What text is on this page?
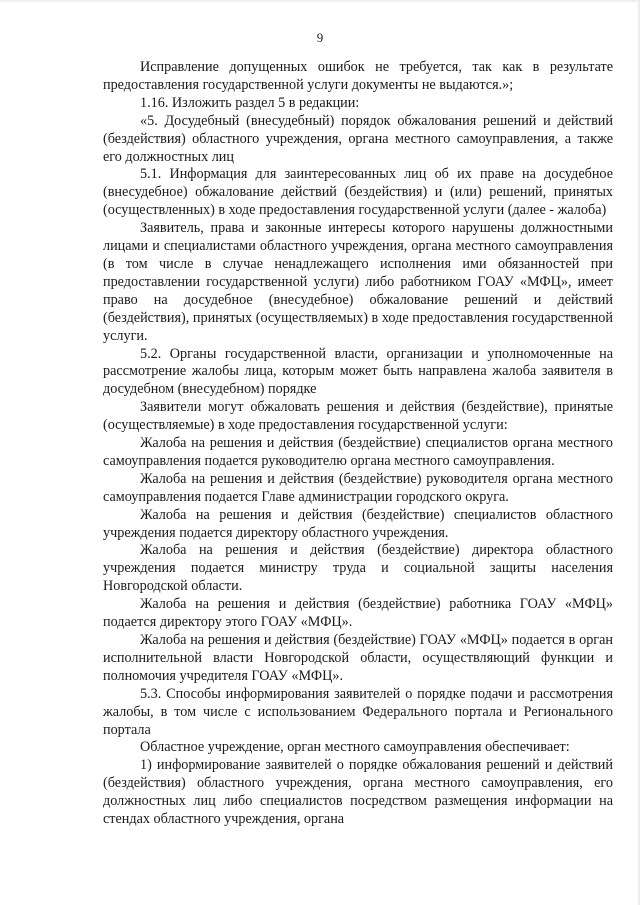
9

Исправление допущенных ошибок не требуется, так как в результате предоставления государственной услуги документы не выдаются.»;

1.16. Изложить раздел 5 в редакции:

«5. Досудебный (внесудебный) порядок обжалования решений и действий (бездействия) областного учреждения, органа местного самоуправления, а также его должностных лиц

5.1. Информация для заинтересованных лиц об их праве на досудебное (внесудебное) обжалование действий (бездействия) и (или) решений, принятых (осуществленных) в ходе предоставления государственной услуги (далее - жалоба)

Заявитель, права и законные интересы которого нарушены должностными лицами и специалистами областного учреждения, органа местного самоуправления (в том числе в случае ненадлежащего исполнения ими обязанностей при предоставлении государственной услуги) либо работником ГОАУ «МФЦ», имеет право на досудебное (внесудебное) обжалование решений и действий (бездействия), принятых (осуществляемых) в ходе предоставления государственной услуги.

5.2. Органы государственной власти, организации и уполномоченные на рассмотрение жалобы лица, которым может быть направлена жалоба заявителя в досудебном (внесудебном) порядке

Заявители могут обжаловать решения и действия (бездействие), принятые (осуществляемые) в ходе предоставления государственной услуги:

Жалоба на решения и действия (бездействие) специалистов органа местного самоуправления подается руководителю органа местного самоуправления.

Жалоба на решения и действия (бездействие) руководителя органа местного самоуправления подается Главе администрации городского округа.

Жалоба на решения и действия (бездействие) специалистов областного учреждения подается директору областного учреждения.

Жалоба на решения и действия (бездействие) директора областного учреждения подается министру труда и социальной защиты населения Новгородской области.

Жалоба на решения и действия (бездействие) работника ГОАУ «МФЦ» подается директору этого ГОАУ «МФЦ».

Жалоба на решения и действия (бездействие) ГОАУ «МФЦ» подается в орган исполнительной власти Новгородской области, осуществляющий функции и полномочия учредителя ГОАУ «МФЦ».

5.3. Способы информирования заявителей о порядке подачи и рассмотрения жалобы, в том числе с использованием Федерального портала и Регионального портала

Областное учреждение, орган местного самоуправления обеспечивает:

1) информирование заявителей о порядке обжалования решений и действий (бездействия) областного учреждения, органа местного самоуправления, его должностных лиц либо специалистов посредством размещения информации на стендах областного учреждения, органа
